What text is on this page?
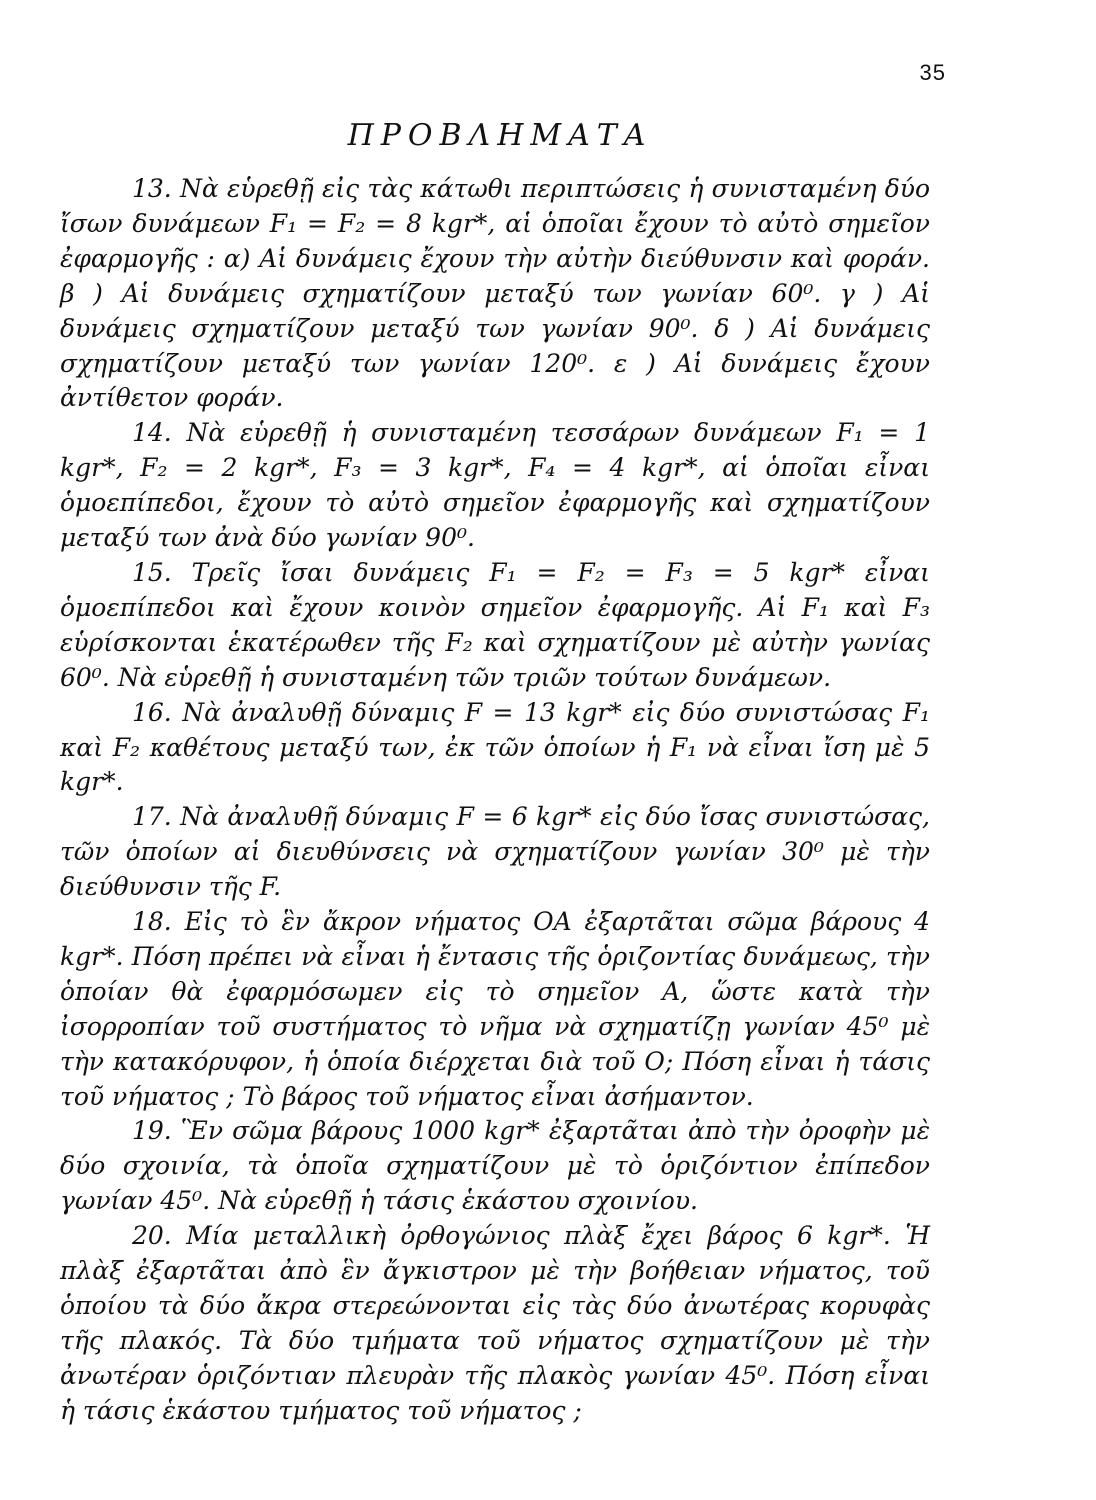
35
ΠΡΟΒΛΗΜΑΤΑ

13. Νὰ εὑρεθῇ εἰς τὰς κάτωθι περιπτώσεις ἡ συνισταμένη δύο ἴσων δυνάμεων F₁ = F₂ = 8 kgr*, αἱ ὁποῖαι ἔχουν τὸ αὐτὸ σημεῖον ἐφαρμογῆς : α) Αἱ δυνάμεις ἔχουν τὴν αὐτὴν διεύθυνσιν καὶ φοράν. β ) Αἱ δυνάμεις σχηματίζουν μεταξύ των γωνίαν 60⁰. γ ) Αἱ δυνάμεις σχηματίζουν μεταξύ των γωνίαν 90⁰. δ ) Αἱ δυνάμεις σχηματίζουν μεταξύ των γωνίαν 120⁰. ε ) Αἱ δυνάμεις ἔχουν ἀντίθετον φοράν.

14. Νὰ εὑρεθῇ ἡ συνισταμένη τεσσάρων δυνάμεων F₁ = 1 kgr*, F₂ = 2 kgr*, F₃ = 3 kgr*, F₄ = 4 kgr*, αἱ ὁποῖαι εἶναι ὁμοεπίπεδοι, ἔχουν τὸ αὐτὸ σημεῖον ἐφαρμογῆς καὶ σχηματίζουν μεταξύ των ἀνὰ δύο γωνίαν 90⁰.

15. Τρεῖς ἴσαι δυνάμεις F₁ = F₂ = F₃ = 5 kgr* εἶναι ὁμοεπίπεδοι καὶ ἔχουν κοινὸν σημεῖον ἐφαρμογῆς. Αἱ F₁ καὶ F₃ εὑρίσκονται ἑκατέρωθεν τῆς F₂ καὶ σχηματίζουν μὲ αὐτὴν γωνίας 60⁰. Νὰ εὑρεθῇ ἡ συνισταμένη τῶν τριῶν τούτων δυνάμεων.

16. Νὰ ἀναλυθῇ δύναμις F = 13 kgr* εἰς δύο συνιστώσας F₁ καὶ F₂ καθέτους μεταξύ των, ἐκ τῶν ὁποίων ἡ F₁ νὰ εἶναι ἴση μὲ 5 kgr*.

17. Νὰ ἀναλυθῇ δύναμις F = 6 kgr* εἰς δύο ἴσας συνιστώσας, τῶν ὁποίων αἱ διευθύνσεις νὰ σχηματίζουν γωνίαν 30⁰ μὲ τὴν διεύθυνσιν τῆς F.

18. Εἰς τὸ ἓν ἄκρον νήματος ΟΑ ἐξαρτᾶται σῶμα βάρους 4 kgr*. Πόση πρέπει νὰ εἶναι ἡ ἔντασις τῆς ὁριζοντίας δυνάμεως, τὴν ὁποίαν θὰ ἐφαρμόσωμεν εἰς τὸ σημεῖον Α, ὥστε κατὰ τὴν ἰσορροπίαν τοῦ συστήματος τὸ νῆμα νὰ σχηματίζῃ γωνίαν 45⁰ μὲ τὴν κατακόρυφον, ἡ ὁποία διέρχεται διὰ τοῦ Ο; Πόση εἶναι ἡ τάσις τοῦ νήματος ; Τὸ βάρος τοῦ νήματος εἶναι ἀσήμαντον.

19. Ἓν σῶμα βάρους 1000 kgr* ἐξαρτᾶται ἀπὸ τὴν ὀροφὴν μὲ δύο σχοινία, τὰ ὁποῖα σχηματίζουν μὲ τὸ ὁριζόντιον ἐπίπεδον γωνίαν 45⁰. Νὰ εὑρεθῇ ἡ τάσις ἑκάστου σχοινίου.

20. Μία μεταλλικὴ ὀρθογώνιος πλὰξ ἔχει βάρος 6 kgr*. Ἡ πλὰξ ἐξαρτᾶται ἀπὸ ἓν ἄγκιστρον μὲ τὴν βοήθειαν νήματος, τοῦ ὁποίου τὰ δύο ἄκρα στερεώνονται εἰς τὰς δύο ἀνωτέρας κορυφὰς τῆς πλακός. Τὰ δύο τμήματα τοῦ νήματος σχηματίζουν μὲ τὴν ἀνωτέραν ὁριζόντιαν πλευρὰν τῆς πλακὸς γωνίαν 45⁰. Πόση εἶναι ἡ τάσις ἑκάστου τμήματος τοῦ νήματος ;
